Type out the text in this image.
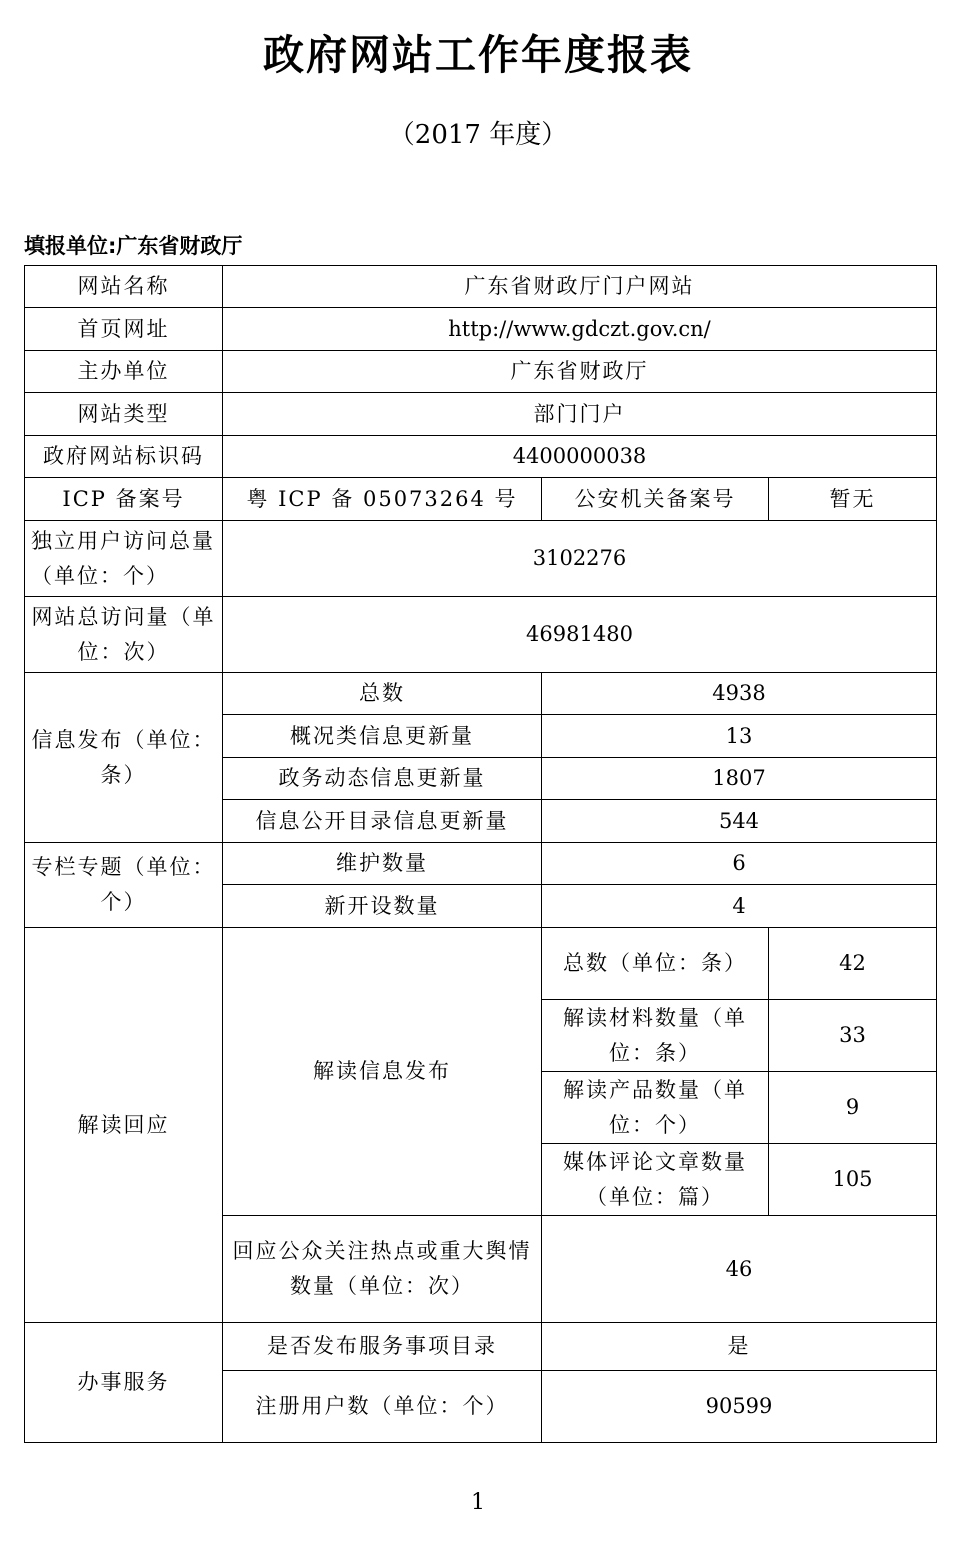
政府网站工作年度报表
（2017 年度）
填报单位:广东省财政厅
网站名称	广东省财政厅门户网站		
首页网址	http://www.gdczt.gov.cn/		
主办单位	广东省财政厅		
网站类型	部门门户		
政府网站标识码	4400000038		
ICP 备案号	粤 ICP 备 05073264 号	公安机关备案号	暂无
独立用户访问总量（单位：个）	3102276		
网站总访问量（单位：次）	46981480		
信息发布（单位：条）	总数	4938	
	概况类信息更新量	13	
	政务动态信息更新量	1807	
	信息公开目录信息更新量	544	
专栏专题（单位：个）	维护数量	6	
	新开设数量	4	
解读回应	解读信息发布	总数（单位：条）	42
		解读材料数量（单位：条）	33
		解读产品数量（单位：个）	9
		媒体评论文章数量（单位：篇）	105
	回应公众关注热点或重大舆情数量（单位：次）	46	
办事服务	是否发布服务事项目录	是	
	注册用户数（单位：个）	90599	
1
